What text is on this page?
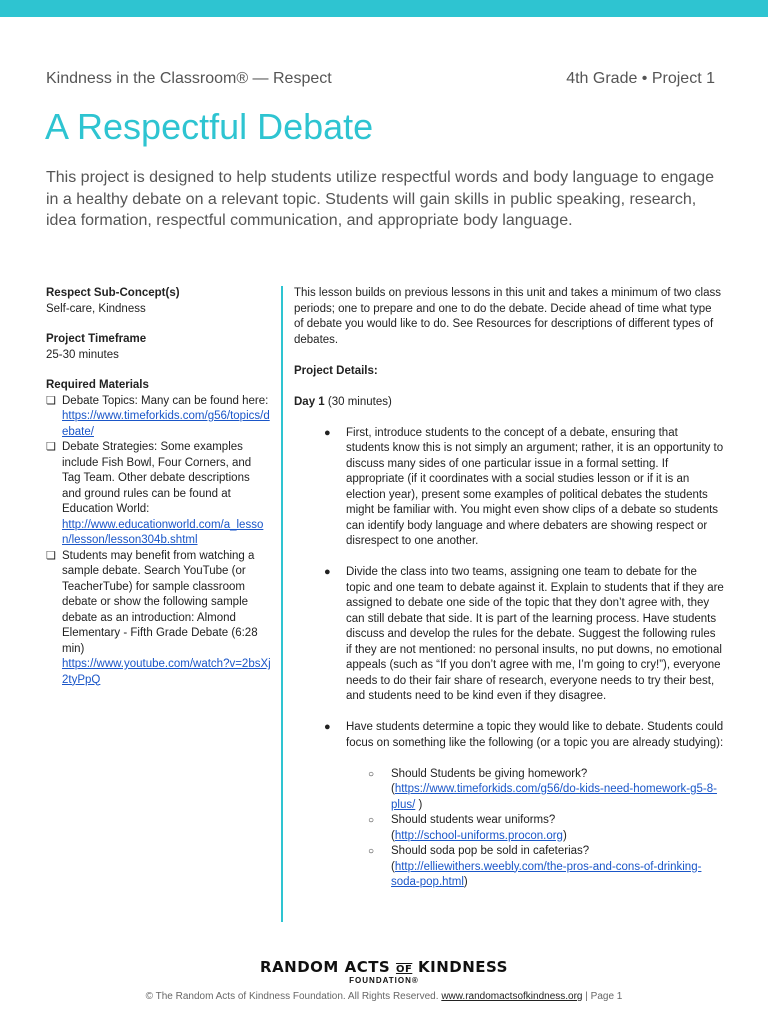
Kindness in the Classroom® — Respect	4th Grade • Project 1
A Respectful Debate

This project is designed to help students utilize respectful words and body language to engage in a healthy debate on a relevant topic. Students will gain skills in public speaking, research, idea formation, respectful communication, and appropriate body language.

Respect Sub-Concept(s)
Self-care, Kindness
Project Timeframe
25-30 minutes
Required Materials
❏ Debate Topics: Many can be found here:
https://www.timeforkids.com/g56/topics/debate/
❏ Debate Strategies: Some examples include Fish Bowl, Four Corners, and Tag Team. Other debate descriptions and ground rules can be found at Education World:
http://www.educationworld.com/a_lesson/lesson/lesson304b.shtml
❏ Students may benefit from watching a sample debate. Search YouTube (or TeacherTube) for sample classroom debate or show the following sample debate as an introduction: Almond Elementary - Fifth Grade Debate (6:28 min)
https://www.youtube.com/watch?v=2bsXj2tyPpQ

This lesson builds on previous lessons in this unit and takes a minimum of two class periods; one to prepare and one to do the debate. Decide ahead of time what type of debate you would like to do. See Resources for descriptions of different types of debates.

Project Details:

Day 1 (30 minutes)

●	First, introduce students to the concept of a debate, ensuring that students know this is not simply an argument; rather, it is an opportunity to discuss many sides of one particular issue in a formal setting. If appropriate (if it coordinates with a social studies lesson or if it is an election year), present some examples of political debates the students might be familiar with. You might even show clips of a debate so students can identify body language and where debaters are showing respect or disrespect to one another.
●	Divide the class into two teams, assigning one team to debate for the topic and one team to debate against it. Explain to students that if they are assigned to debate one side of the topic that they don’t agree with, they can still debate that side. It is part of the learning process. Have students discuss and develop the rules for the debate. Suggest the following rules if they are not mentioned: no personal insults, no put downs, no emotional appeals (such as “If you don’t agree with me, I’m going to cry!”), everyone needs to do their fair share of research, everyone needs to try their best, and students need to be kind even if they disagree.
●	Have students determine a topic they would like to debate. Students could focus on something like the following (or a topic you are already studying):
○	Should Students be giving homework?
(https://www.timeforkids.com/g56/do-kids-need-homework-g5-8-plus/ )
○	Should students wear uniforms?
(http://school-uniforms.procon.org)
○	Should soda pop be sold in cafeterias?
(http://elliewithers.weebly.com/the-pros-and-cons-of-drinking-soda-pop.html)
RANDOM ACTS OF KINDNESS
FOUNDATION®
© The Random Acts of Kindness Foundation. All Rights Reserved. www.randomactsofkindness.org | Page 1
